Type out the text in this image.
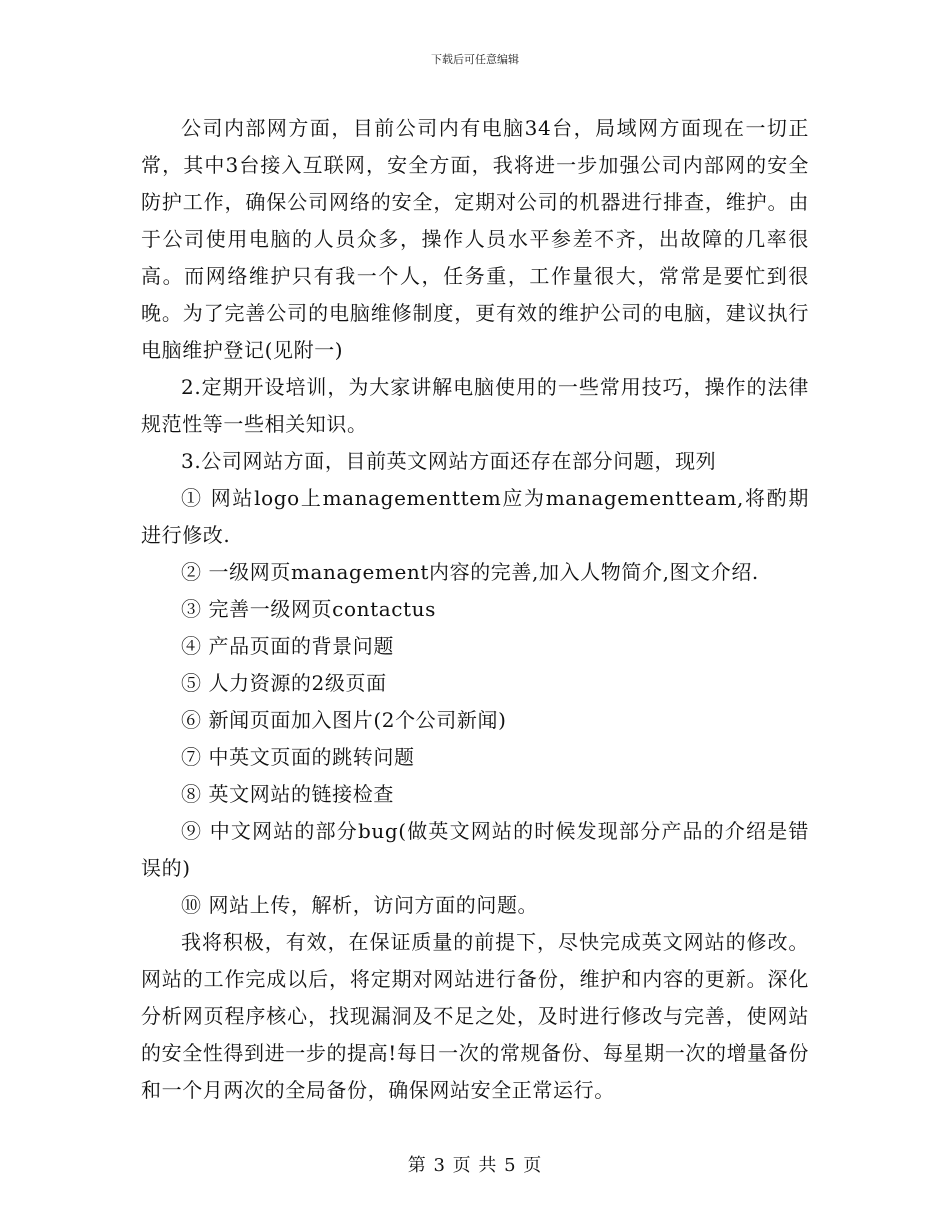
下载后可任意编辑

公司内部网方面，目前公司内有电脑34台，局域网方面现在一切正常，其中3台接入互联网，安全方面，我将进一步加强公司内部网的安全防护工作，确保公司网络的安全，定期对公司的机器进行排查，维护。由于公司使用电脑的人员众多，操作人员水平参差不齐，出故障的几率很高。而网络维护只有我一个人，任务重，工作量很大，常常是要忙到很晚。为了完善公司的电脑维修制度，更有效的维护公司的电脑，建议执行电脑维护登记(见附一)

2.定期开设培训，为大家讲解电脑使用的一些常用技巧，操作的法律规范性等一些相关知识。

3.公司网站方面，目前英文网站方面还存在部分问题，现列

① 网站logo上managementtem应为managementteam,将酌期进行修改.

② 一级网页management内容的完善,加入人物简介,图文介绍.

③ 完善一级网页contactus

④ 产品页面的背景问题

⑤ 人力资源的2级页面

⑥ 新闻页面加入图片(2个公司新闻)

⑦ 中英文页面的跳转问题

⑧ 英文网站的链接检查

⑨ 中文网站的部分bug(做英文网站的时候发现部分产品的介绍是错误的)

⑩ 网站上传，解析，访问方面的问题。

我将积极，有效，在保证质量的前提下，尽快完成英文网站的修改。网站的工作完成以后，将定期对网站进行备份，维护和内容的更新。深化分析网页程序核心，找现漏洞及不足之处，及时进行修改与完善，使网站的安全性得到进一步的提高!每日一次的常规备份、每星期一次的增量备份和一个月两次的全局备份，确保网站安全正常运行。

第 3 页 共 5 页
